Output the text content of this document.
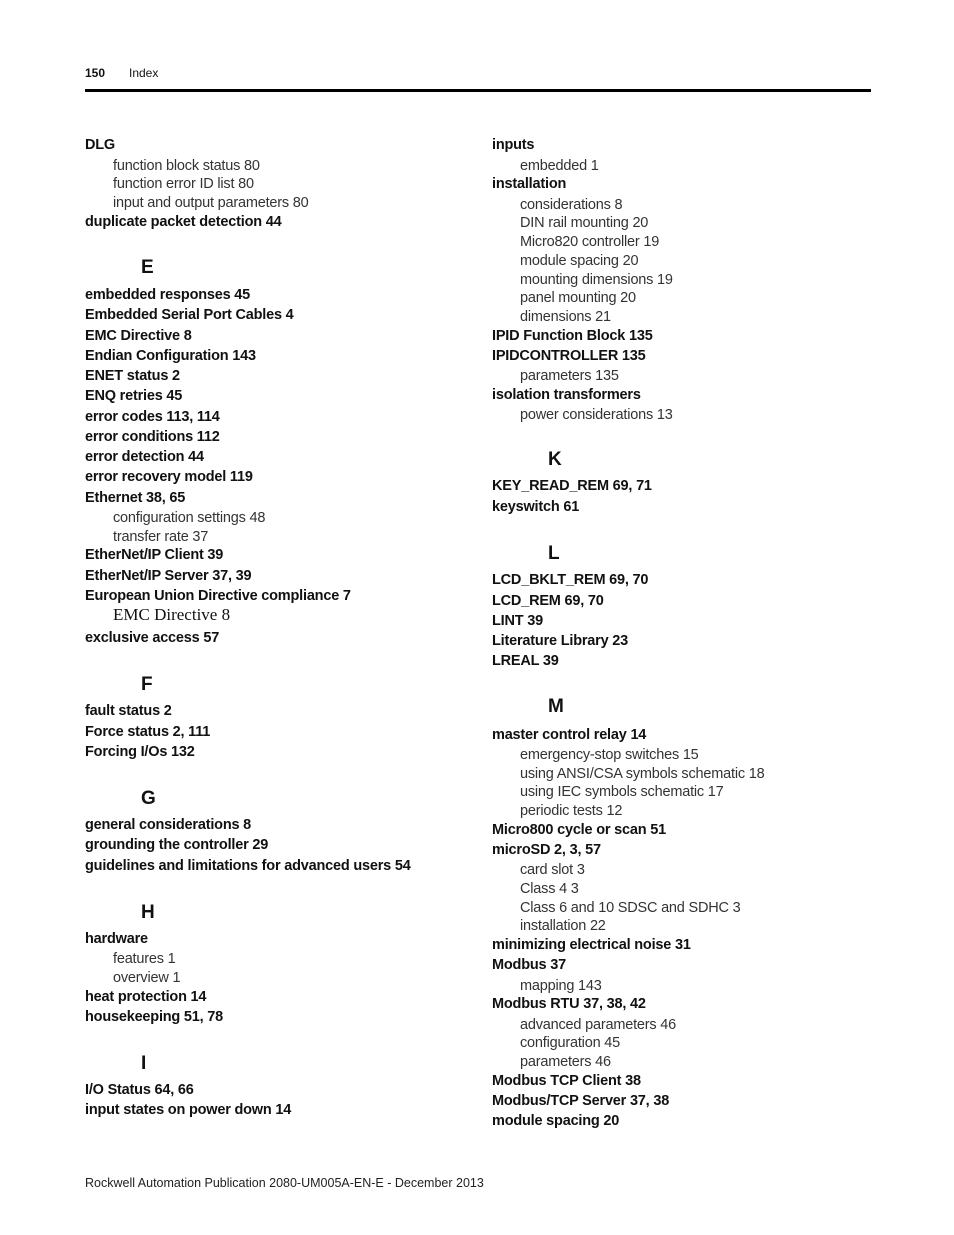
150 Index
DLG
function block status 80
function error ID list 80
input and output parameters 80
duplicate packet detection 44
E
embedded responses 45
Embedded Serial Port Cables 4
EMC Directive 8
Endian Configuration 143
ENET status 2
ENQ retries 45
error codes 113, 114
error conditions 112
error detection 44
error recovery model 119
Ethernet 38, 65
configuration settings 48
transfer rate 37
EtherNet/IP Client 39
EtherNet/IP Server 37, 39
European Union Directive compliance 7
EMC Directive 8
exclusive access 57
F
fault status 2
Force status 2, 111
Forcing I/Os 132
G
general considerations 8
grounding the controller 29
guidelines and limitations for advanced users 54
H
hardware
features 1
overview 1
heat protection 14
housekeeping 51, 78
I
I/O Status 64, 66
input states on power down 14
inputs
embedded 1
installation
considerations 8
DIN rail mounting 20
Micro820 controller 19
module spacing 20
mounting dimensions 19
panel mounting 20
dimensions 21
IPID Function Block 135
IPIDCONTROLLER 135
parameters 135
isolation transformers
power considerations 13
K
KEY_READ_REM 69, 71
keyswitch 61
L
LCD_BKLT_REM 69, 70
LCD_REM 69, 70
LINT 39
Literature Library 23
LREAL 39
M
master control relay 14
emergency-stop switches 15
using ANSI/CSA symbols schematic 18
using IEC symbols schematic 17
periodic tests 12
Micro800 cycle or scan 51
microSD 2, 3, 57
card slot 3
Class 4 3
Class 6 and 10 SDSC and SDHC 3
installation 22
minimizing electrical noise 31
Modbus 37
mapping 143
Modbus RTU 37, 38, 42
advanced parameters 46
configuration 45
parameters 46
Modbus TCP Client 38
Modbus/TCP Server 37, 38
module spacing 20
Rockwell Automation Publication 2080-UM005A-EN-E - December 2013
